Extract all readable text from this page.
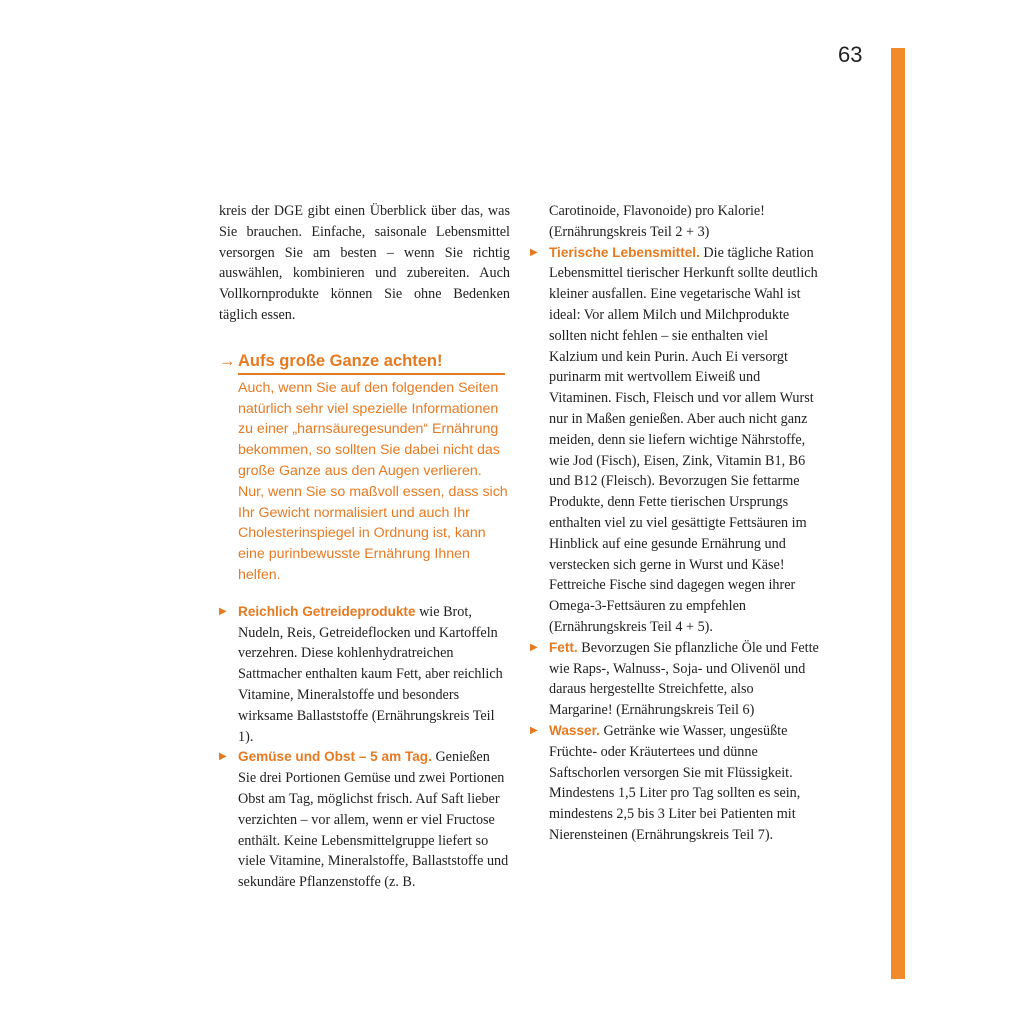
63

kreis der DGE gibt einen Überblick über das, was Sie brauchen. Einfache, saisonale Lebensmittel versorgen Sie am besten – wenn Sie richtig auswählen, kombinieren und zubereiten. Auch Vollkornprodukte können Sie ohne Bedenken täglich essen.

→ Aufs große Ganze achten!
Auch, wenn Sie auf den folgenden Seiten natürlich sehr viel spezielle Informationen zu einer „harnsäuregesunden“ Ernährung bekommen, so sollten Sie dabei nicht das große Ganze aus den Augen verlieren. Nur, wenn Sie so maßvoll essen, dass sich Ihr Gewicht normalisiert und auch Ihr Cholesterinspiegel in Ordnung ist, kann eine purinbewusste Ernährung Ihnen helfen.
▶ Reichlich Getreideprodukte wie Brot, Nudeln, Reis, Getreideflocken und Kartoffeln verzehren. Diese kohlenhydratreichen Sattmacher enthalten kaum Fett, aber reichlich Vitamine, Mineralstoffe und besonders wirksame Ballaststoffe (Ernährungskreis Teil 1).
▶ Gemüse und Obst – 5 am Tag. Genießen Sie drei Portionen Gemüse und zwei Portionen Obst am Tag, möglichst frisch. Auf Saft lieber verzichten – vor allem, wenn er viel Fructose enthält. Keine Lebensmittelgruppe liefert so viele Vitamine, Mineralstoffe, Ballaststoffe und sekundäre Pflanzenstoffe (z. B.
Carotinoide, Flavonoide) pro Kalorie! (Ernährungskreis Teil 2 + 3)
▶ Tierische Lebensmittel. Die tägliche Ration Lebensmittel tierischer Herkunft sollte deutlich kleiner ausfallen. Eine vegetarische Wahl ist ideal: Vor allem Milch und Milchprodukte sollten nicht fehlen – sie enthalten viel Kalzium und kein Purin. Auch Ei versorgt purinarm mit wertvollem Eiweiß und Vitaminen. Fisch, Fleisch und vor allem Wurst nur in Maßen genießen. Aber auch nicht ganz meiden, denn sie liefern wichtige Nährstoffe, wie Jod (Fisch), Eisen, Zink, Vitamin B1, B6 und B12 (Fleisch). Bevorzugen Sie fettarme Produkte, denn Fette tierischen Ursprungs enthalten viel zu viel gesättigte Fettsäuren im Hinblick auf eine gesunde Ernährung und verstecken sich gerne in Wurst und Käse! Fettreiche Fische sind dagegen wegen ihrer Omega-3-Fettsäuren zu empfehlen (Ernährungskreis Teil 4 + 5).
▶ Fett. Bevorzugen Sie pflanzliche Öle und Fette wie Raps-, Walnuss-, Soja- und Olivenöl und daraus hergestellte Streichfette, also Margarine! (Ernährungskreis Teil 6)
▶ Wasser. Getränke wie Wasser, ungesüßte Früchte- oder Kräutertees und dünne Saftschorlen versorgen Sie mit Flüssigkeit. Mindestens 1,5 Liter pro Tag sollten es sein, mindestens 2,5 bis 3 Liter bei Patienten mit Nierensteinen (Ernährungskreis Teil 7).
